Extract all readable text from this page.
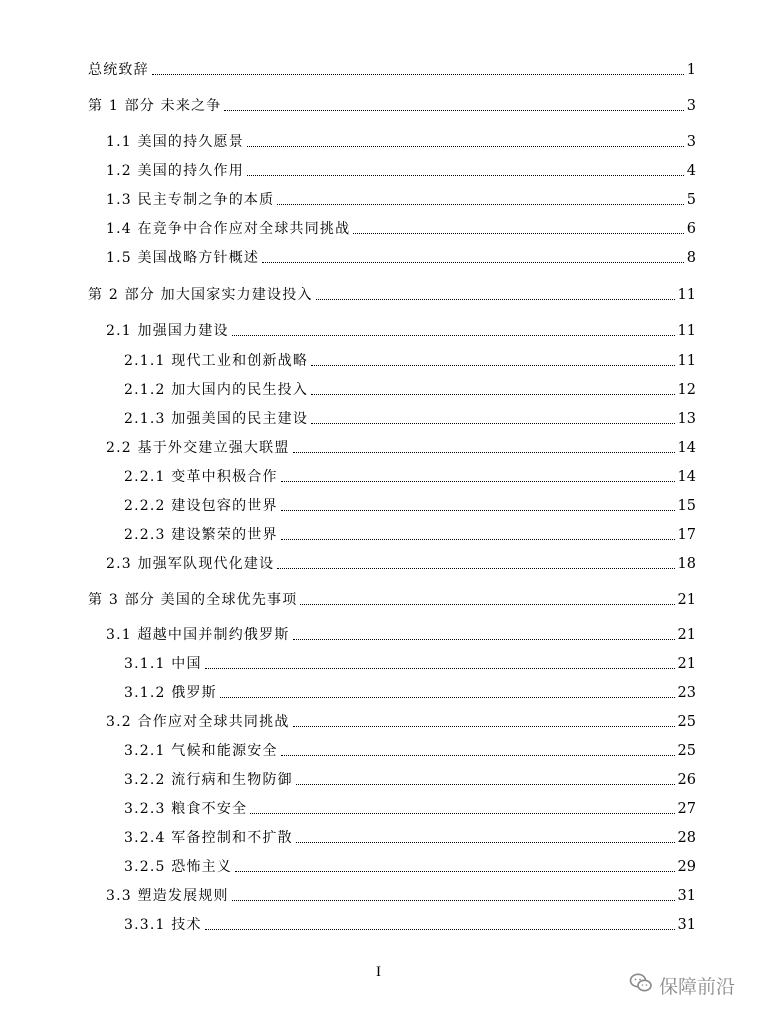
总统致辞	1
第 1 部分 未来之争	3
1.1 美国的持久愿景	3
1.2 美国的持久作用	4
1.3 民主专制之争的本质	5
1.4 在竞争中合作应对全球共同挑战	6
1.5 美国战略方针概述	8
第 2 部分 加大国家实力建设投入	11
2.1 加强国力建设	11
2.1.1 现代工业和创新战略	11
2.1.2 加大国内的民生投入	12
2.1.3 加强美国的民主建设	13
2.2 基于外交建立强大联盟	14
2.2.1 变革中积极合作	14
2.2.2 建设包容的世界	15
2.2.3 建设繁荣的世界	17
2.3 加强军队现代化建设	18
第 3 部分 美国的全球优先事项	21
3.1 超越中国并制约俄罗斯	21
3.1.1 中国	21
3.1.2 俄罗斯	23
3.2 合作应对全球共同挑战	25
3.2.1 气候和能源安全	25
3.2.2 流行病和生物防御	26
3.2.3 粮食不安全	27
3.2.4 军备控制和不扩散	28
3.2.5 恐怖主义	29
3.3 塑造发展规则	31
3.3.1 技术	31
I
保障前沿
